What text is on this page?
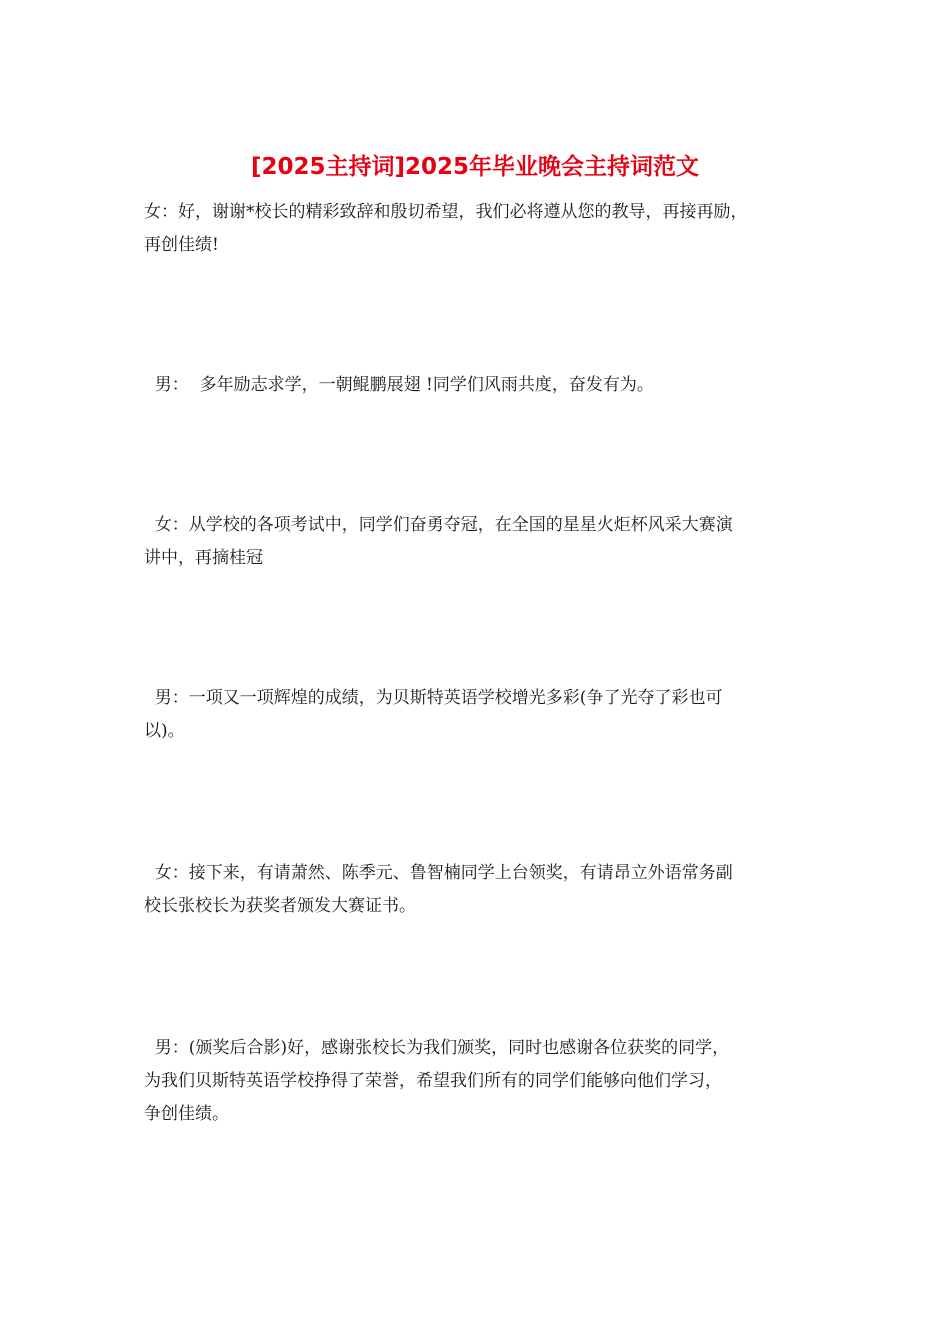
[2025主持词]2025年毕业晚会主持词范文
女：好，谢谢*校长的精彩致辞和殷切希望，我们必将遵从您的教导，再接再励，
再创佳绩!
男：  多年励志求学，一朝鲲鹏展翅 !同学们风雨共度，奋发有为。
女：从学校的各项考试中，同学们奋勇夺冠，在全国的星星火炬杯风采大赛演
讲中，再摘桂冠
男：一项又一项辉煌的成绩，为贝斯特英语学校增光多彩(争了光夺了彩也可
以)。
女：接下来，有请萧然、陈季元、鲁智楠同学上台领奖，有请昂立外语常务副
校长张校长为获奖者颁发大赛证书。
男：(颁奖后合影)好，感谢张校长为我们颁奖，同时也感谢各位获奖的同学，
为我们贝斯特英语学校挣得了荣誉，希望我们所有的同学们能够向他们学习，
争创佳绩。
